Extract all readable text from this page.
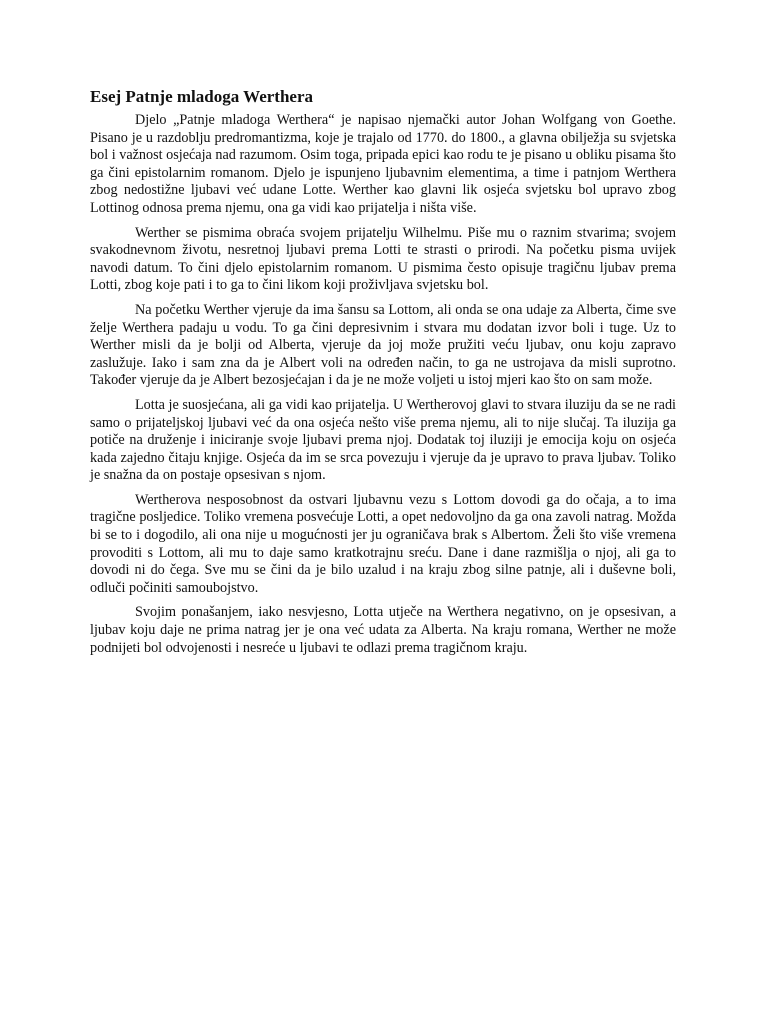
Esej Patnje mladoga Werthera

Djelo „Patnje mladoga Werthera“ je napisao njemački autor Johan Wolfgang von Goethe. Pisano je u razdoblju predromantizma, koje je trajalo od 1770. do 1800., a glavna obilježja su svjetska bol i važnost osjećaja nad razumom. Osim toga, pripada epici kao rodu te je pisano u obliku pisama što ga čini epistolarnim romanom. Djelo je ispunjeno ljubavnim elementima, a time i patnjom Werthera zbog nedostižne ljubavi već udane Lotte. Werther kao glavni lik osjeća svjetsku bol upravo zbog Lottinog odnosa prema njemu, ona ga vidi kao prijatelja i ništa više.

Werther se pismima obraća svojem prijatelju Wilhelmu. Piše mu o raznim stvarima; svojem svakodnevnom životu, nesretnoj ljubavi prema Lotti te strasti o prirodi. Na početku pisma uvijek navodi datum. To čini djelo epistolarnim romanom. U pismima često opisuje tragičnu ljubav prema Lotti, zbog koje pati i to ga to čini likom koji proživljava svjetsku bol.

Na početku Werther vjeruje da ima šansu sa Lottom, ali onda se ona udaje za Alberta, čime sve želje Werthera padaju u vodu. To ga čini depresivnim i stvara mu dodatan izvor boli i tuge. Uz to Werther misli da je bolji od Alberta, vjeruje da joj može pružiti veću ljubav, onu koju zapravo zaslužuje. Iako i sam zna da je Albert voli na određen način, to ga ne ustrojava da misli suprotno. Također vjeruje da je Albert bezosjećajan i da je ne može voljeti u istoj mjeri kao što on sam može.

Lotta je suosjećana, ali ga vidi kao prijatelja. U Wertherovoj glavi to stvara iluziju da se ne radi samo o prijateljskoj ljubavi već da ona osjeća nešto više prema njemu, ali to nije slučaj. Ta iluzija ga potiče na druženje i iniciranje svoje ljubavi prema njoj. Dodatak toj iluziji je emocija koju on osjeća kada zajedno čitaju knjige. Osjeća da im se srca povezuju i vjeruje da je upravo to prava ljubav. Toliko je snažna da on postaje opsesivan s njom.

Wertherova nesposobnost da ostvari ljubavnu vezu s Lottom dovodi ga do očaja, a to ima tragične posljedice. Toliko vremena posvećuje Lotti, a opet nedovoljno da ga ona zavoli natrag. Možda bi se to i dogodilo, ali ona nije u mogućnosti jer ju ograničava brak s Albertom. Želi što više vremena provoditi s Lottom, ali mu to daje samo kratkotrajnu sreću. Dane i dane razmišlja o njoj, ali ga to dovodi ni do čega. Sve mu se čini da je bilo uzalud i na kraju zbog silne patnje, ali i duševne boli, odluči počiniti samoubojstvo.

Svojim ponašanjem, iako nesvjesno, Lotta utječe na Werthera negativno, on je opsesivan, a ljubav koju daje ne prima natrag jer je ona već udata za Alberta. Na kraju romana, Werther ne može podnijeti bol odvojenosti i nesreće u ljubavi te odlazi prema tragičnom kraju.
